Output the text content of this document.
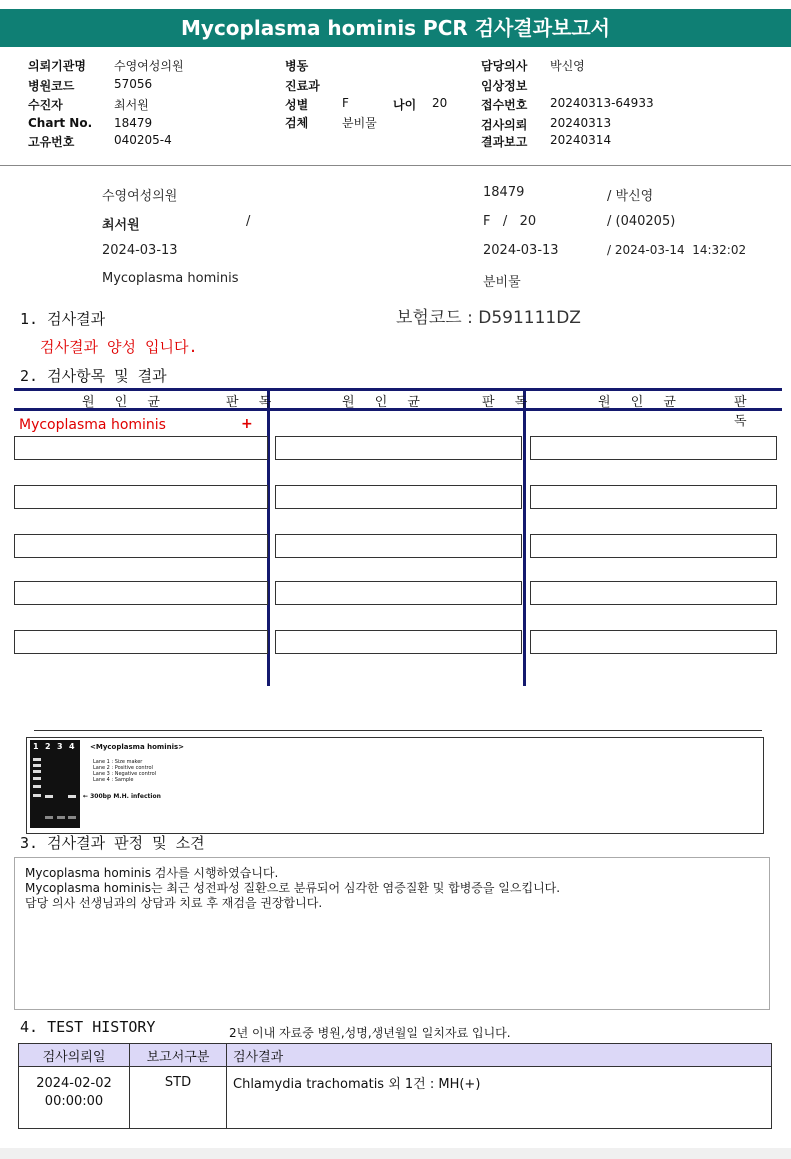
Mycoplasma hominis PCR 검사결과보고서
의뢰기관명 수영여성의원
병원코드	57056
수진자	최서원
Chart No. 18479
고유번호	040205-4
병동
진료과
성별	F	나이 20
검체	분비물
담당의사 박신영
임상정보
접수번호 20240313-64933
검사의뢰 20240313
결과보고 20240314
수영여성의원	18479	/ 박신영
최서원	/	F   /   20	/ (040205)
2024-03-13	2024-03-13	/ 2024-03-14  14:32:02
Mycoplasma hominis	분비물
1. 검사결과	보험코드 : D591111DZ
검사결과 양성 입니다.
2. 검사항목 및 결과
원 인 균	판 독	원 인 균	판 독	원 인 균	판 독
Mycoplasma hominis	+
1 2 3 4 <Mycoplasma hominis>
Lane 1 : Size maker
Lane 2 : Positive control
Lane 3 : Negative control
Lane 4 : Sample
← 300bp M.H. infection
3. 검사결과 판정 및 소견
Mycoplasma hominis 검사를 시행하였습니다.
Mycoplasma hominis는 최근 성전파성 질환으로 분류되어 심각한 염증질환 및 합병증을 일으킵니다.
담당 의사 선생님과의 상담과 치료 후 재검을 권장합니다.
4. TEST HISTORY	2년 이내 자료중 병원,성명,생년월일 일치자료 입니다.
검사의뢰일	보고서구분	검사결과

2024-02-02
00:00:00	STD	Chlamydia trachomatis 외 1건 : MH(+)
